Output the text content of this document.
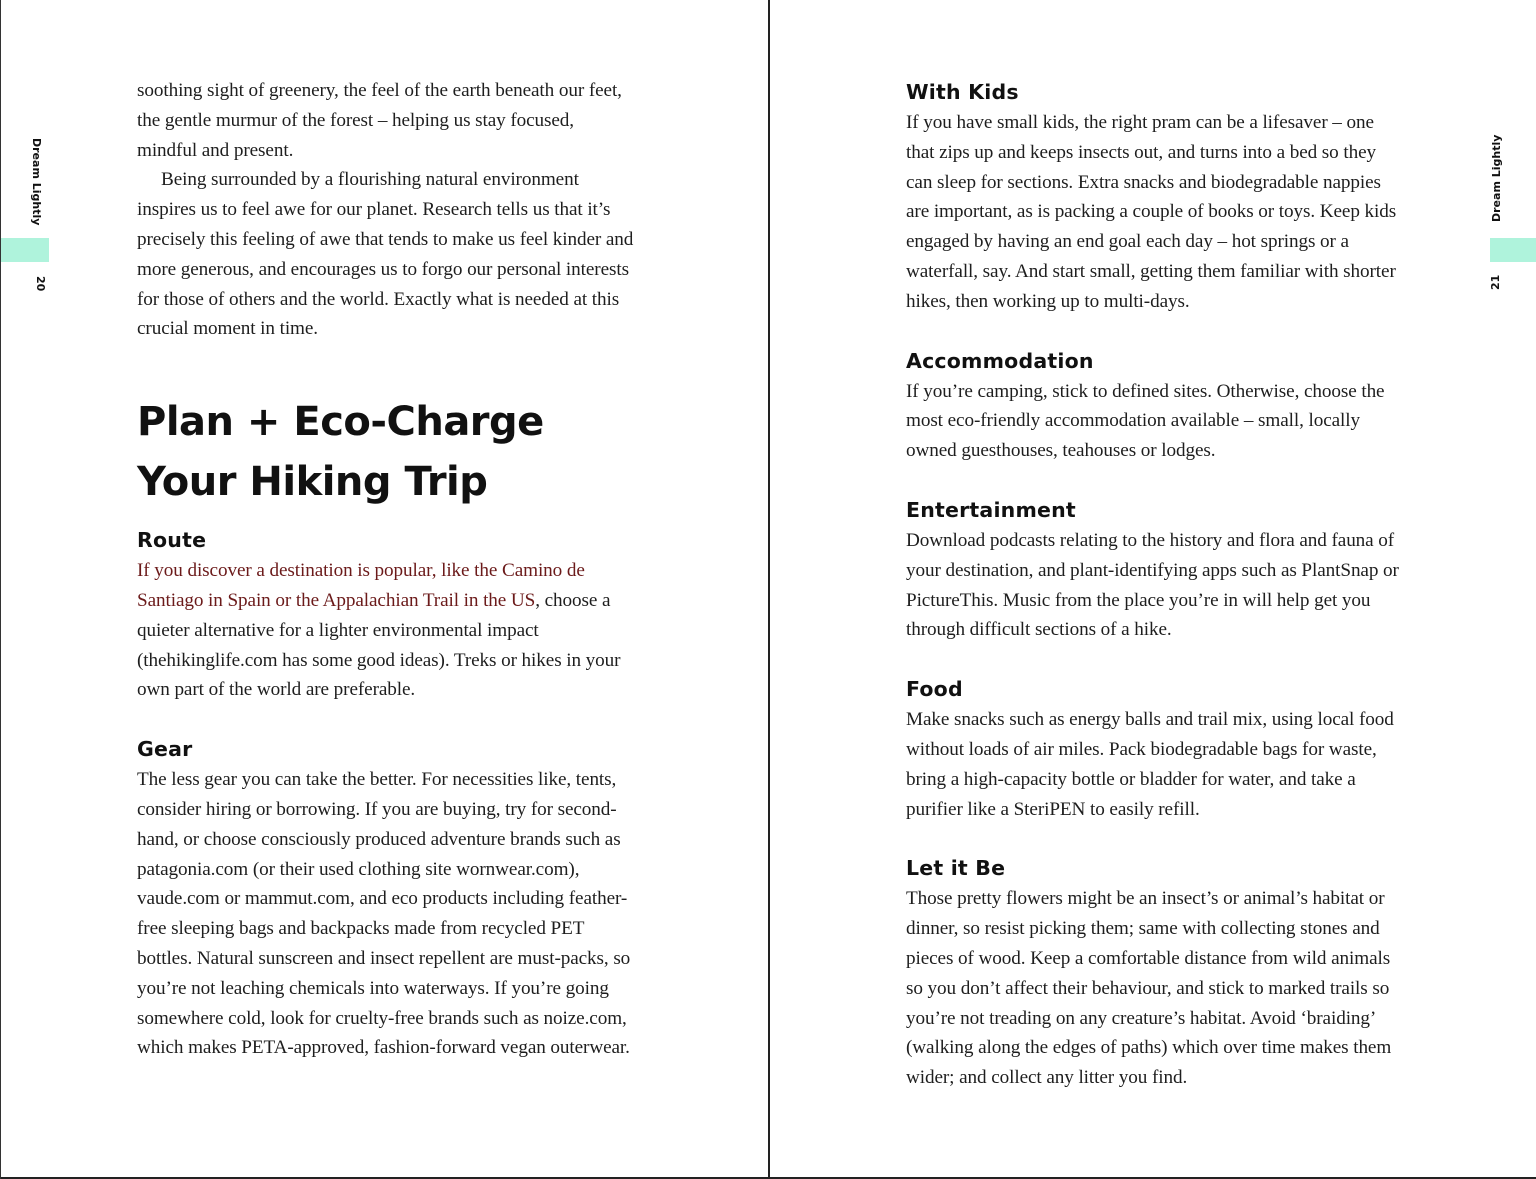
Dream Lightly
20

soothing sight of greenery, the feel of the earth beneath our feet, the gentle murmur of the forest – helping us stay focused, mindful and present.

Being surrounded by a flourishing natural environment inspires us to feel awe for our planet. Research tells us that it’s precisely this feeling of awe that tends to make us feel kinder and more generous, and encourages us to forgo our personal interests for those of others and the world. Exactly what is needed at this crucial moment in time.

Plan + Eco-Charge
Your Hiking Trip
Route

If you discover a destination is popular, like the Camino de Santiago in Spain or the Appalachian Trail in the US, choose a quieter alternative for a lighter environmental impact (thehikinglife.com has some good ideas). Treks or hikes in your own part of the world are preferable.

Gear

The less gear you can take the better. For necessities like, tents, consider hiring or borrowing. If you are buying, try for second-hand, or choose consciously produced adventure brands such as patagonia.com (or their used clothing site wornwear.com), vaude.com or mammut.com, and eco products including feather-free sleeping bags and backpacks made from recycled PET bottles. Natural sunscreen and insect repellent are must-packs, so you’re not leaching chemicals into waterways. If you’re going somewhere cold, look for cruelty-free brands such as noize.com, which makes PETA-approved, fashion-forward vegan outerwear.

Dream Lightly
21
With Kids

If you have small kids, the right pram can be a lifesaver – one that zips up and keeps insects out, and turns into a bed so they can sleep for sections. Extra snacks and biodegradable nappies are important, as is packing a couple of books or toys. Keep kids engaged by having an end goal each day – hot springs or a waterfall, say. And start small, getting them familiar with shorter hikes, then working up to multi-days.

Accommodation

If you’re camping, stick to defined sites. Otherwise, choose the most eco-friendly accommodation available – small, locally owned guesthouses, teahouses or lodges.

Entertainment

Download podcasts relating to the history and flora and fauna of your destination, and plant-identifying apps such as PlantSnap or PictureThis. Music from the place you’re in will help get you through difficult sections of a hike.

Food

Make snacks such as energy balls and trail mix, using local food without loads of air miles. Pack biodegradable bags for waste, bring a high-capacity bottle or bladder for water, and take a purifier like a SteriPEN to easily refill.

Let it Be

Those pretty flowers might be an insect’s or animal’s habitat or dinner, so resist picking them; same with collecting stones and pieces of wood. Keep a comfortable distance from wild animals so you don’t affect their behaviour, and stick to marked trails so you’re not treading on any creature’s habitat. Avoid ‘braiding’ (walking along the edges of paths) which over time makes them wider; and collect any litter you find.
